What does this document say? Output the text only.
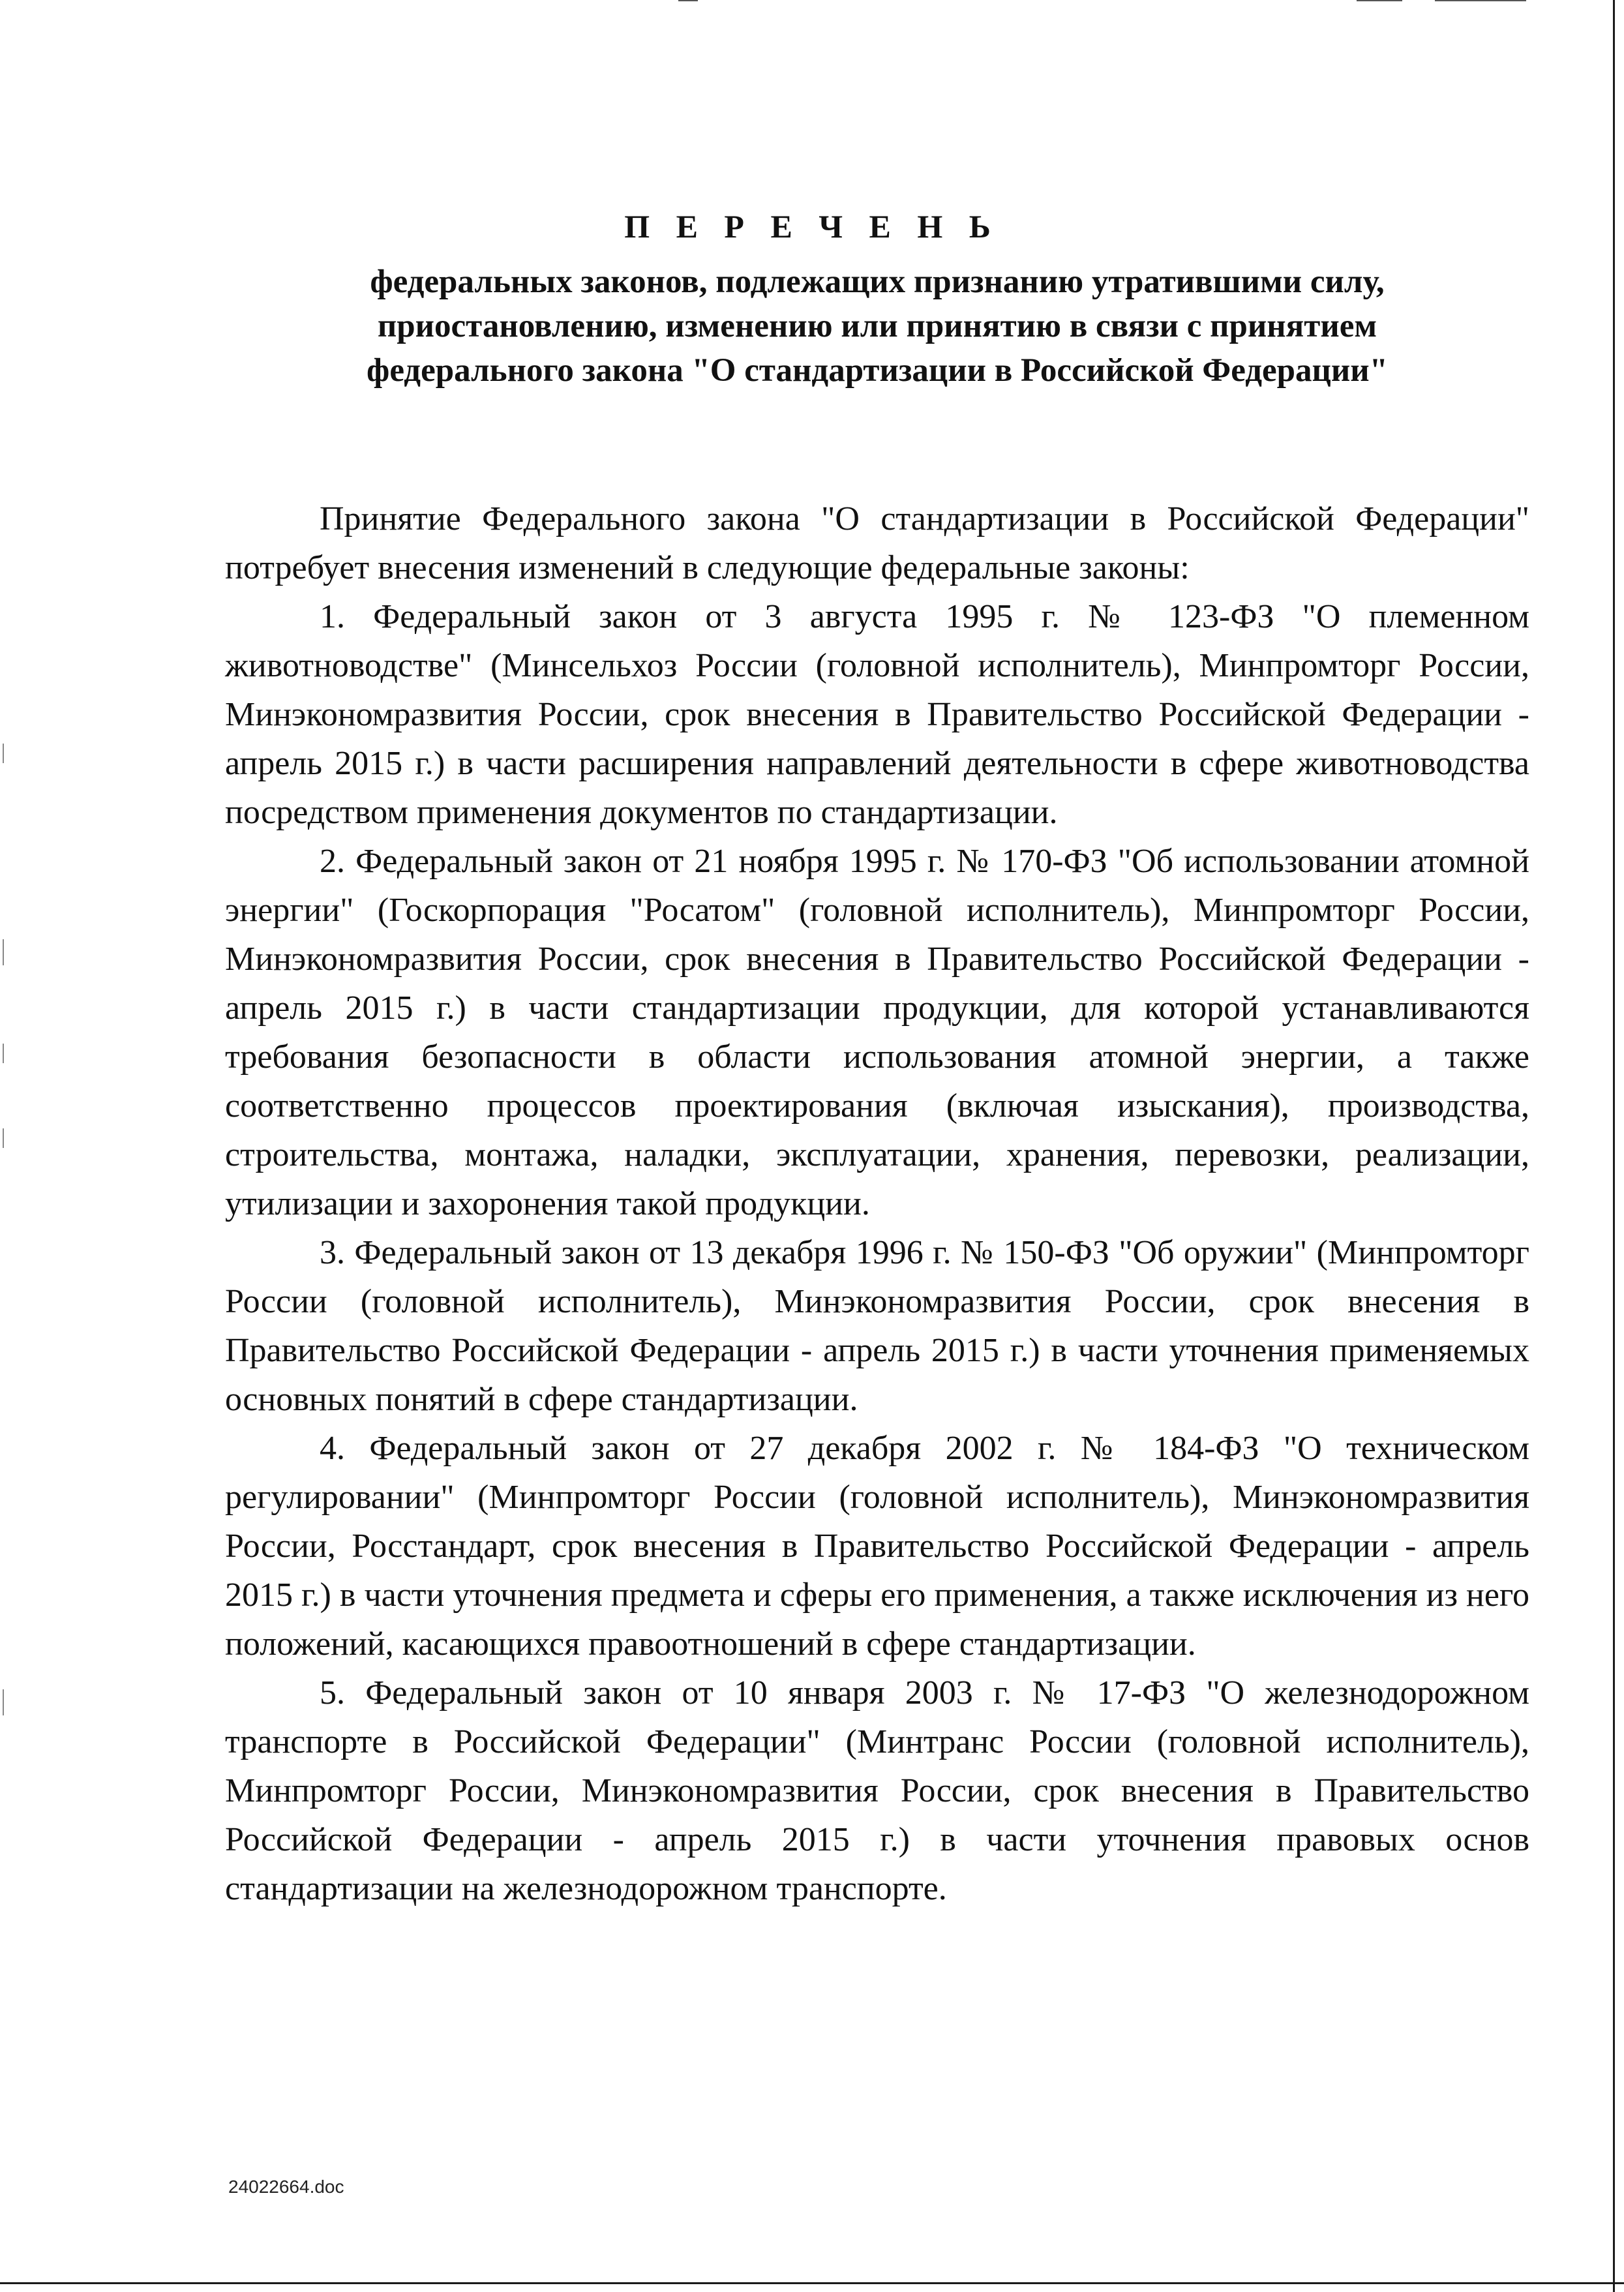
П Е Р Е Ч Е Н Ь
федеральных законов, подлежащих признанию утратившими силу,
приостановлению, изменению или принятию в связи с принятием
федерального закона "О стандартизации в Российской Федерации"

Принятие Федерального закона "О стандартизации в Российской Федерации" потребует внесения изменений в следующие федеральные законы:

1. Федеральный закон от 3 августа 1995 г. № 123-ФЗ "О племенном животноводстве" (Минсельхоз России (головной исполнитель), Минпромторг России, Минэкономразвития России, срок внесения в Правительство Российской Федерации - апрель 2015 г.) в части расширения направлений деятельности в сфере животноводства посредством применения документов по стандартизации.

2. Федеральный закон от 21 ноября 1995 г. № 170-ФЗ "Об использовании атомной энергии" (Госкорпорация "Росатом" (головной исполнитель), Минпромторг России, Минэкономразвития России, срок внесения в Правительство Российской Федерации - апрель 2015 г.) в части стандартизации продукции, для которой устанавливаются требования безопасности в области использования атомной энергии, а также соответственно процессов проектирования (включая изыскания), производства, строительства, монтажа, наладки, эксплуатации, хранения, перевозки, реализации, утилизации и захоронения такой продукции.

3. Федеральный закон от 13 декабря 1996 г. № 150-ФЗ "Об оружии" (Минпромторг России (головной исполнитель), Минэкономразвития России, срок внесения в Правительство Российской Федерации - апрель 2015 г.) в части уточнения применяемых основных понятий в сфере стандартизации.

4. Федеральный закон от 27 декабря 2002 г. № 184-ФЗ "О техническом регулировании" (Минпромторг России (головной исполнитель), Минэкономразвития России, Росстандарт, срок внесения в Правительство Российской Федерации - апрель 2015 г.) в части уточнения предмета и сферы его применения, а также исключения из него положений, касающихся правоотношений в сфере стандартизации.

5. Федеральный закон от 10 января 2003 г. № 17-ФЗ "О железнодорожном транспорте в Российской Федерации" (Минтранс России (головной исполнитель), Минпромторг России, Минэкономразвития России, срок внесения в Правительство Российской Федерации - апрель 2015 г.) в части уточнения правовых основ стандартизации на железнодорожном транспорте.

24022664.doc
